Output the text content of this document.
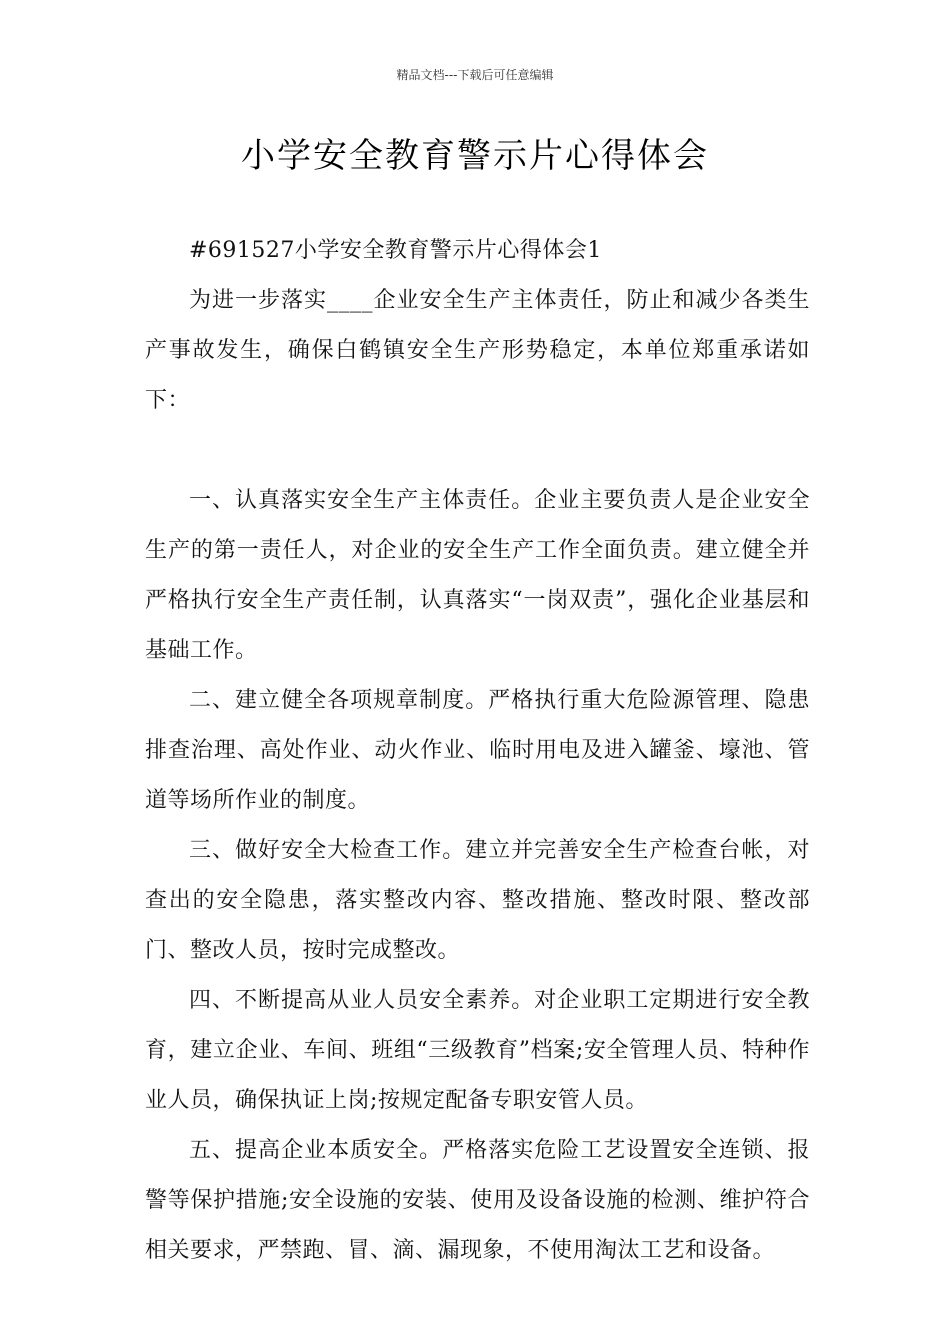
精品文档---下载后可任意编辑
小学安全教育警示片心得体会

#691527小学安全教育警示片心得体会1

为进一步落实____企业安全生产主体责任，防止和减少各类生产事故发生，确保白鹤镇安全生产形势稳定，本单位郑重承诺如下：

一、认真落实安全生产主体责任。企业主要负责人是企业安全生产的第一责任人，对企业的安全生产工作全面负责。建立健全并严格执行安全生产责任制，认真落实“一岗双责”，强化企业基层和基础工作。

二、建立健全各项规章制度。严格执行重大危险源管理、隐患排查治理、高处作业、动火作业、临时用电及进入罐釜、壕池、管道等场所作业的制度。

三、做好安全大检查工作。建立并完善安全生产检查台帐，对查出的安全隐患，落实整改内容、整改措施、整改时限、整改部门、整改人员，按时完成整改。

四、不断提高从业人员安全素养。对企业职工定期进行安全教育，建立企业、车间、班组“三级教育”档案;安全管理人员、特种作业人员，确保执证上岗;按规定配备专职安管人员。

五、提高企业本质安全。严格落实危险工艺设置安全连锁、报警等保护措施;安全设施的安装、使用及设备设施的检测、维护符合相关要求，严禁跑、冒、滴、漏现象，不使用淘汰工艺和设备。
